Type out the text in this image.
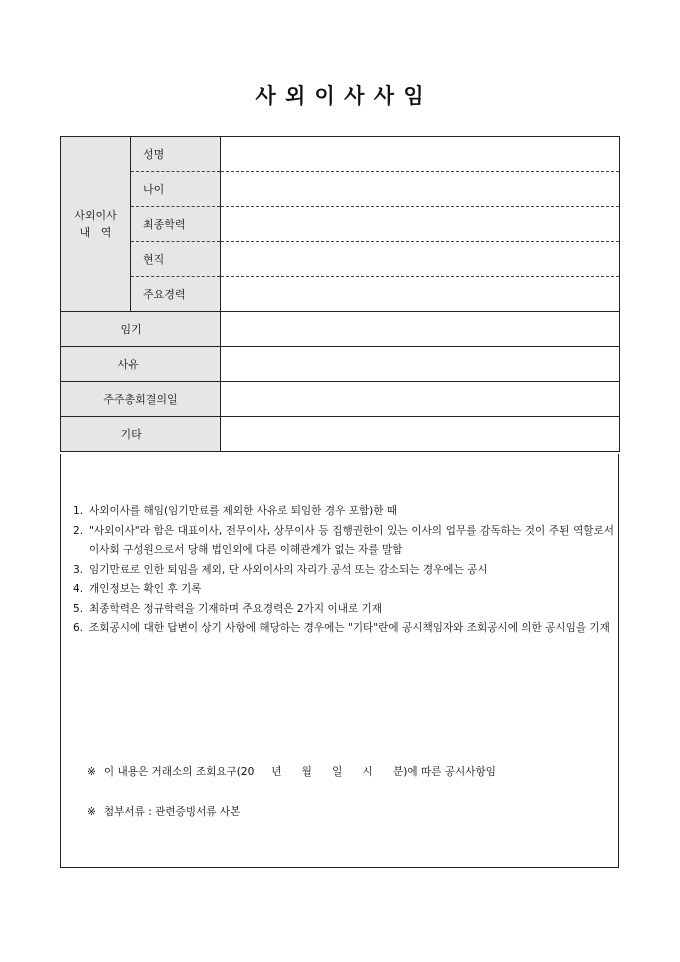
사 외 이 사 사 임
사외이사
내   역	성명	
	나이	
	최종학력	
	현직	
	주요경력	
임기		
사유		
주주총회결의일		
기타		
1. 사외이사를 해임(임기만료를 제외한 사유로 퇴임한 경우 포함)한 때
2. "사외이사"라 함은 대표이사, 전무이사, 상무이사 등 집행권한이 있는 이사의 업무를 감독하는 것이 주된 역할로서 이사회 구성원으로서 당해 법인외에 다른 이해관계가 없는 자를 말함
3. 임기만료로 인한 퇴임을 제외, 단 사외이사의 자리가 공석 또는 감소되는 경우에는 공시
4. 개인정보는 확인 후 기록
5. 최종학력은 정규학력을 기재하며 주요경력은 2가지 이내로 기재
6. 조회공시에 대한 답변이 상기 사항에 해당하는 경우에는 "기타"란에 공시책임자와 조회공시에 의한 공시임을 기재
※ 이 내용은 거래소의 조회요구(20     년      월      일      시      분)에 따른 공시사항임
※ 첨부서류 : 관련증빙서류 사본
